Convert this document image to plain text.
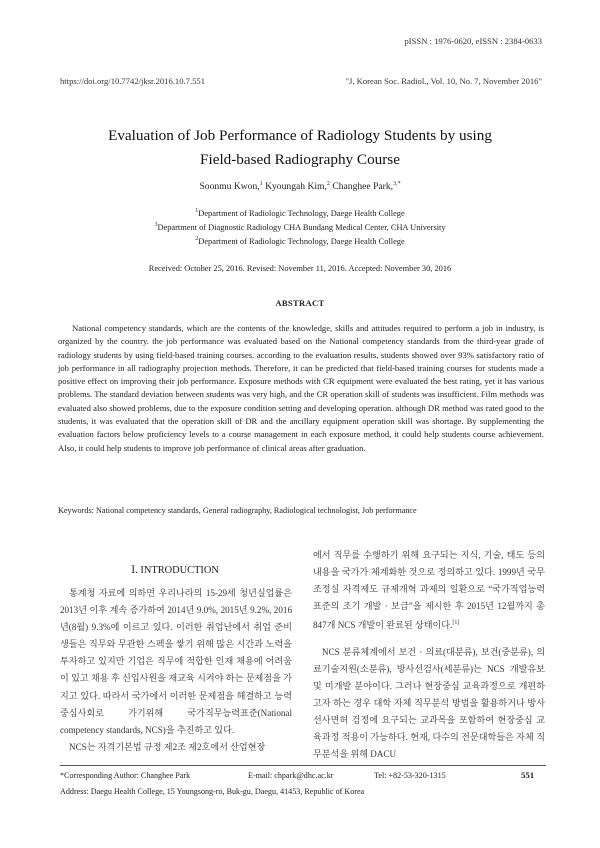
pISSN : 1976-0620, eISSN : 2384-0633
https://doi.org/10.7742/jksr.2016.10.7.551	"J. Korean Soc. Radiol., Vol. 10, No. 7, November 2016"
Evaluation of Job Performance of Radiology Students by using
Field-based Radiography Course
Soonmu Kwon,$^1$ Kyoungah Kim,$^2$ Changhee Park,$^{3,*}$
$^1$Department of Radiologic Technology, Daege Health College
$^3$Department of Diagnostic Radiology CHA Bundang Medical Center, CHA University
$^2$Department of Radiologic Technology, Daege Health College
Received: October 25, 2016. Revised: November 11, 2016. Accepted: November 30, 2016
ABSTRACT
National competency standards, which are the contents of the knowledge, skills and attitudes required to perform a job in industry, is organized by the country. the job performance was evaluated based on the National competency standards from the third-year grade of radiology students by using field-based training courses. according to the evaluation results, students showed over 93% satisfactory ratio of job performance in all radiography projection methods. Therefore, it can be predicted that field-based training courses for students made a positive effect on improving their job performance. Exposure methods with CR equipment were evaluated the best rating, yet it has various problems. The standard deviation between students was very high, and the CR operation skill of students was insufficient. Film methods was evaluated also showed problems, due to the exposure condition setting and developing operation. although DR method was rated good to the students, it was evaluated that the operation skill of DR and the ancillary equipment operation skill was shortage. By supplementing the evaluation factors below proficiency levels to a course management in each exposure method, it could help students course achievement. Also, it could help students to improve job performance of clinical areas after graduation.
Keywords: National competency standards, General radiography, Radiological technologist, Job performance
Ⅰ. INTRODUCTION

통계청 자료에 의하면 우리나라의 15-29세 청년실업률은 2013년 이후 계속 증가하여 2014년 9.0%, 2015년 9.2%, 2016년(8월) 9.3%에 이르고 있다. 이러한 취업난에서 취업 준비생들은 직무와 무관한 스펙을 쌓기 위해 많은 시간과 노력을 투자하고 있지만 기업은 직무에 적합한 인재 채용에 어려움이 있고 채용 후 신입사원을 재교육 시켜야 하는 문제점을 가지고 있다. 따라서 국가에서 이러한 문제점을 해결하고 능력중심사회로 가기위해 국가직무능력표준(National competency standards, NCS)을 추진하고 있다.

NCS는 자격기본법 규정 제2조 제2호에서 산업현장

에서 직무를 수행하기 위해 요구되는 지식, 기술, 태도 등의 내용을 국가가 체계화한 것으로 정의하고 있다. 1999년 국무조정실 자격제도 규제개혁 과제의 일환으로 “국가직업능력표준의 조기 개발 · 보급”을 제시한 후 2015년 12월까지 총 847개 NCS 개발이 완료된 상태이다.[1]

NCS 분류체계에서 보건 · 의료(대분류), 보건(중분류), 의료기술지원(소분류), 방사선검사(세분류)는 NCS 개발유보 및 미개발 분야이다. 그러나 현장중심 교육과정으로 개편하고자 하는 경우 대학 자체 직무분석 방법을 활용하거나 방사선사면허 검정에 요구되는 교과목을 포함하여 현장중심 교육과정 적용이 가능하다. 현재, 다수의 전문대학들은 자체 직무분석을 위해 DACU

*Corresponding Author: Changhee Park	E-mail: chpark@dhc.ac.kr	Tel: +82-53-320-1315	551
Address: Daegu Health College, 15 Youngsong-ro, Buk-gu, Daegu, 41453, Republic of Korea
